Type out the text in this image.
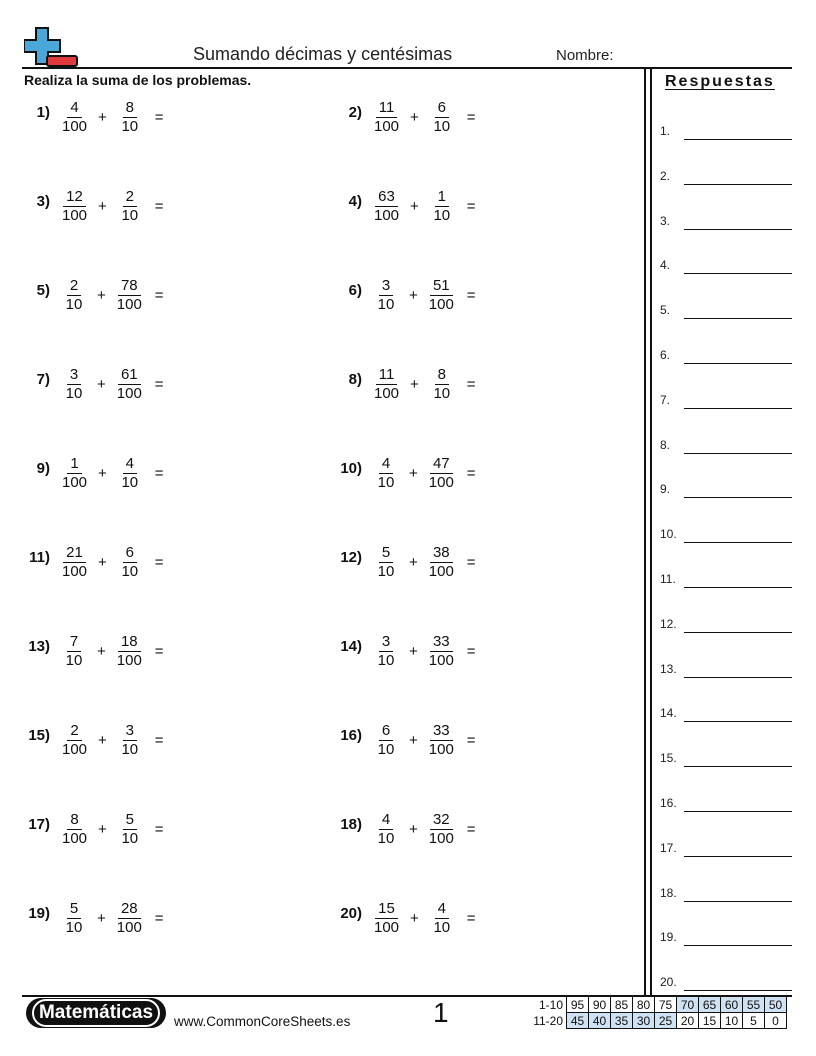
Sumando décimas y centésimas	Nombre:
Realiza la suma de los problemas.	Respuestas
$1) \frac{4}{100} + \frac{8}{10}$ =	$2) \frac{11}{100} + \frac{6}{10}$ =
$3) \frac{12}{100} + \frac{2}{10}$ =	$4) \frac{63}{100} + \frac{1}{10}$ =
$5) \frac{2}{10} + \frac{78}{100}$ =	$6) \frac{3}{10} + \frac{51}{100}$ =
$7) \frac{3}{10} + \frac{61}{100}$ =	$8) \frac{11}{100} + \frac{8}{10}$ =
$9) \frac{1}{100} + \frac{4}{10}$ =	$10) \frac{4}{10} + \frac{47}{100}$ =
$11) \frac{21}{100} + \frac{6}{10}$ =	$12) \frac{5}{10} + \frac{38}{100}$ =
$13) \frac{7}{10} + \frac{18}{100}$ =	$14) \frac{3}{10} + \frac{33}{100}$ =
$15) \frac{2}{100} + \frac{3}{10}$ =	$16) \frac{6}{10} + \frac{33}{100}$ =
$17) \frac{8}{100} + \frac{5}{10}$ =	$18) \frac{4}{10} + \frac{32}{100}$ =
$19) \frac{5}{10} + \frac{28}{100}$ =	$20) \frac{15}{100} + \frac{4}{10}$ =
1.
2.
3.
4.
5.
6.
7.
8.
9.
10.
11.
12.
13.
14.
15.
16.
17.
18.
19.
20.
Matemáticas	www.CommonCoreSheets.es	1	1-10	95	90	85	80	75	70	65	60	55	50
11-20	45	40	35	30	25	20	15	10	5	0
